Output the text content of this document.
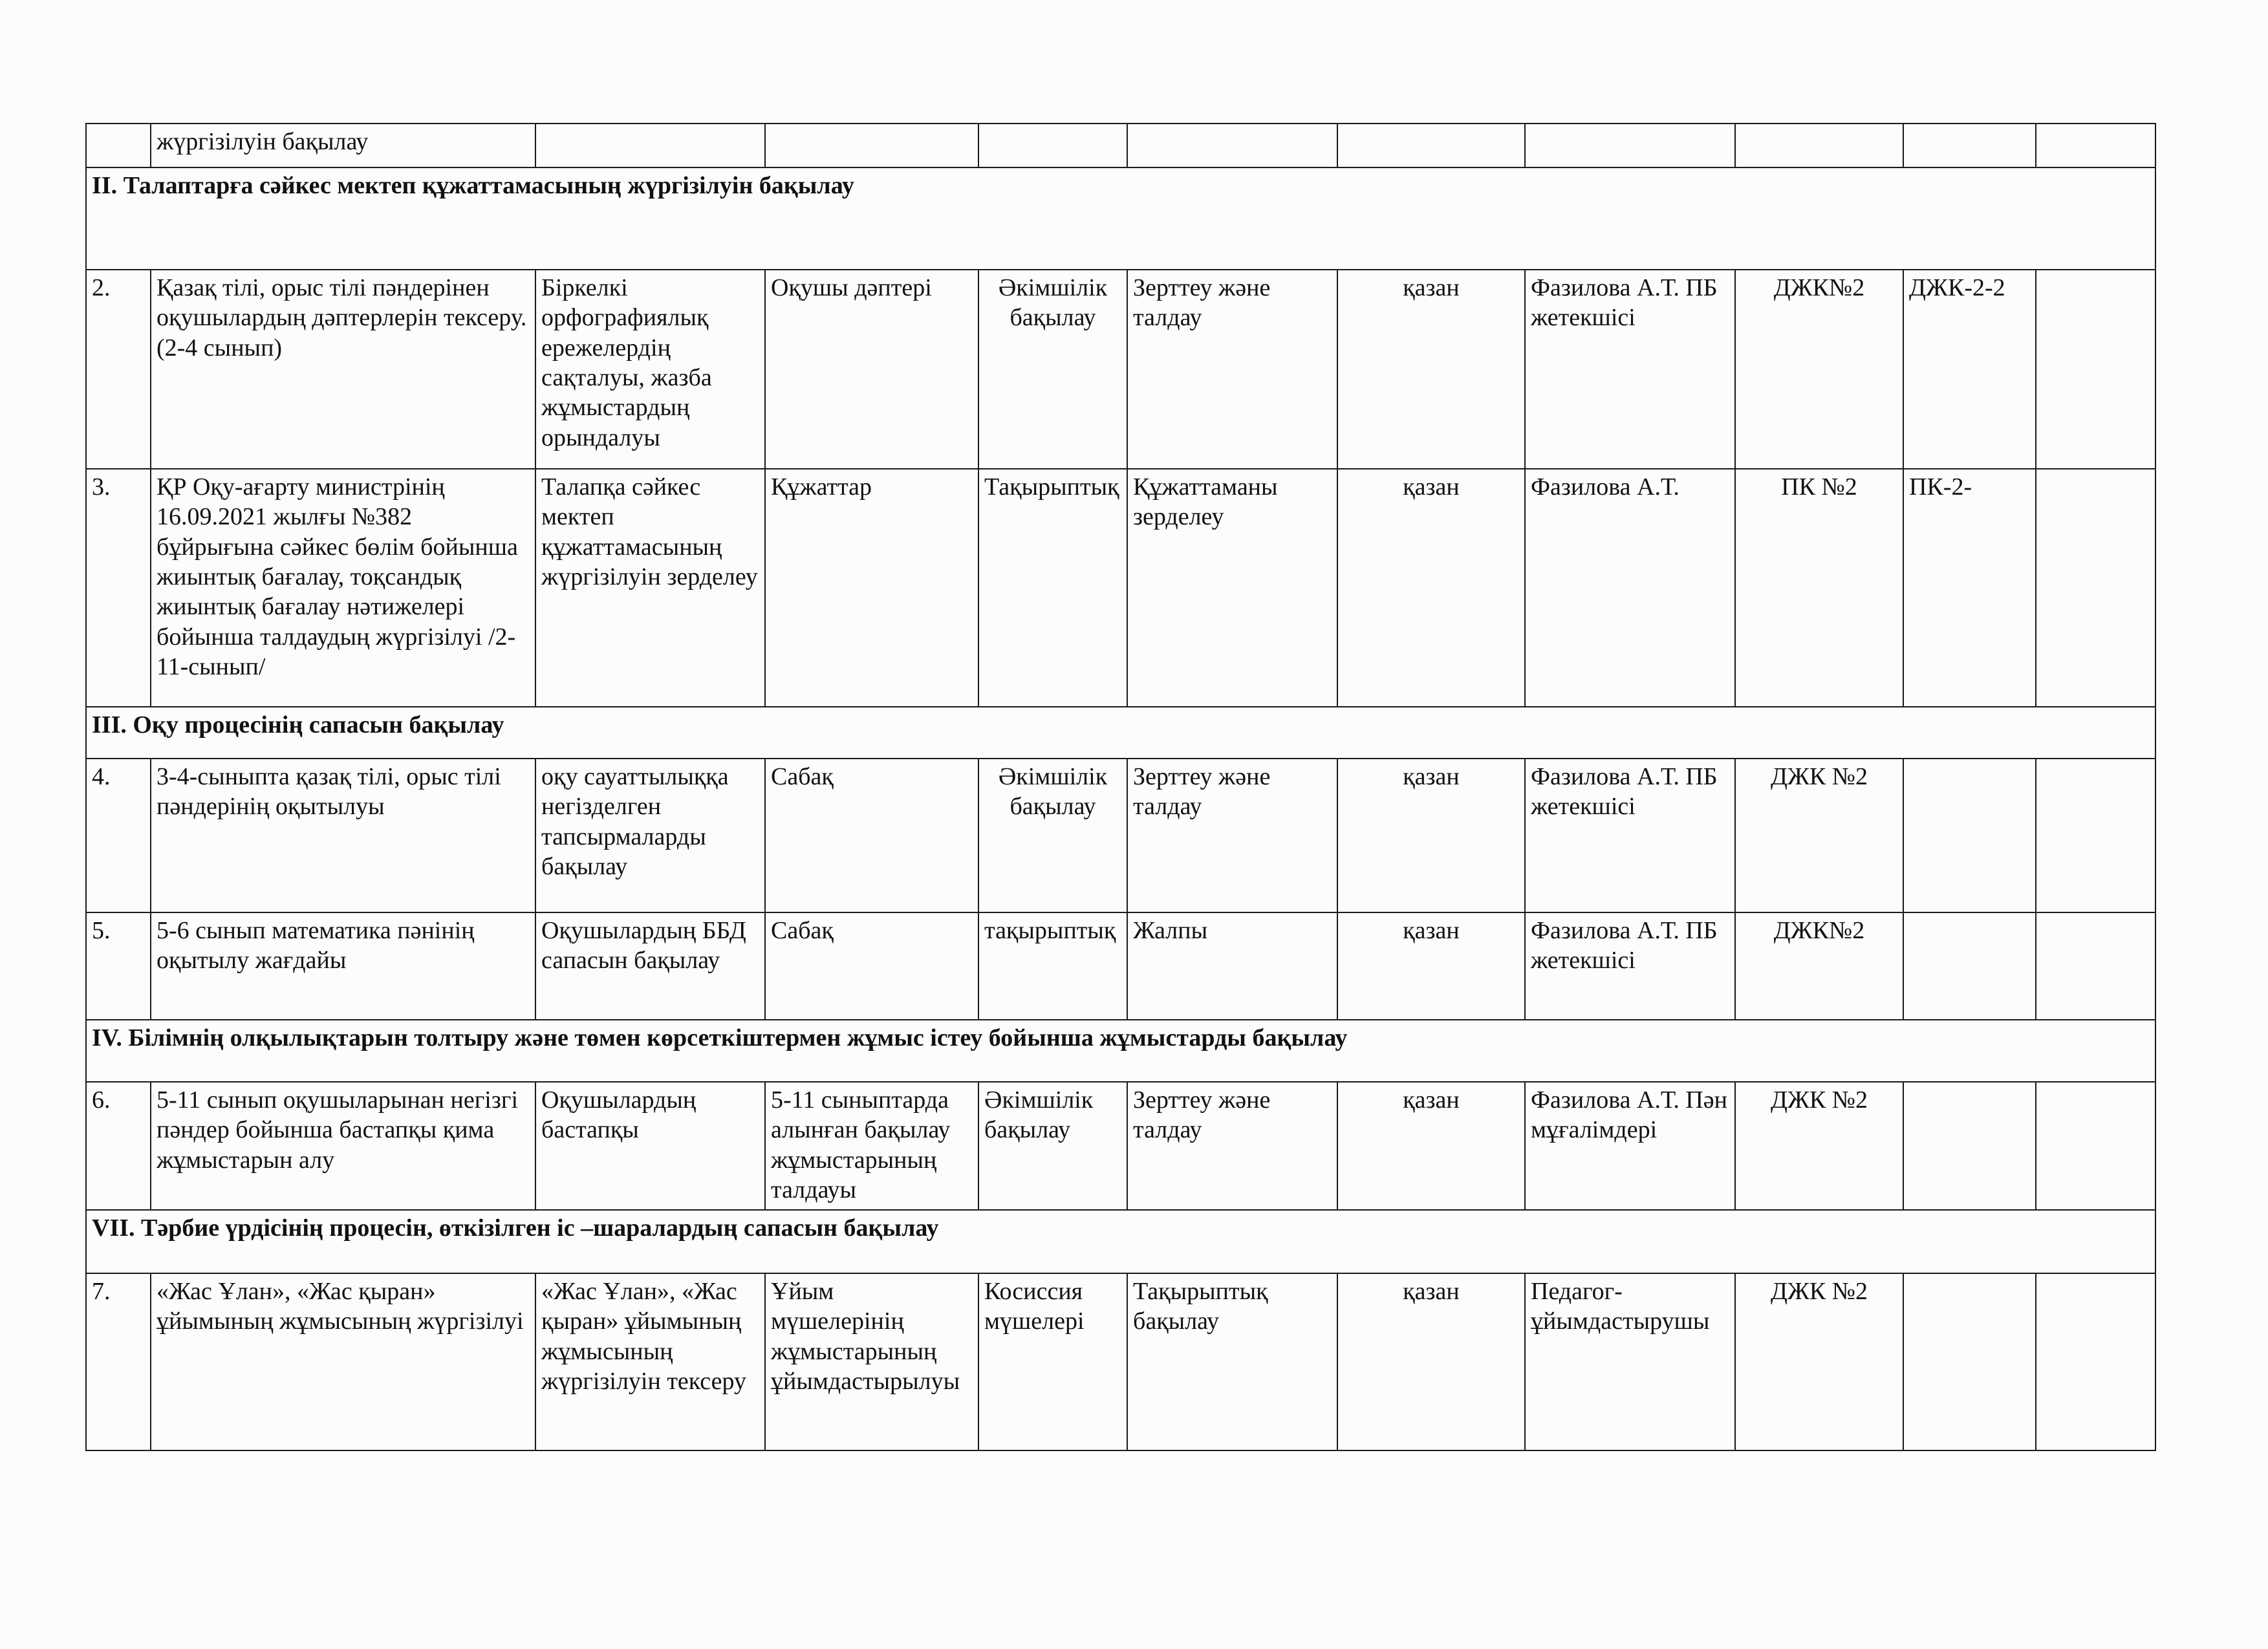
	жүргізілуін бақылау									
II. Талаптарға сәйкес мектеп құжаттамасының жүргізілуін бақылау										
2.	Қазақ тілі, орыс тілі пәндерінен оқушылардың дәптерлерін тексеру. (2-4 сынып)	Біркелкі орфографиялық ережелердің сақталуы, жазба жұмыстардың орындалуы	Оқушы дәптері	Әкімшілік бақылау	Зерттеу және талдау	қазан	Фазилова А.Т. ПБ жетекшісі	ДЖК№2	ДЖК-2-2	
3.	ҚР Оқу-ағарту министрінің 16.09.2021 жылғы №382 бұйрығына сәйкес бөлім бойынша жиынтық бағалау, тоқсандық жиынтық бағалау нәтижелері бойынша талдаудың жүргізілуі /2-11-сынып/	Талапқа сәйкес мектеп құжаттамасының жүргізілуін зерделеу	Құжаттар	Тақырыптық	Құжаттаманы зерделеу	қазан	Фазилова А.Т.	ПК №2	ПК-2-	
III. Оқу процесінің сапасын бақылау										
4.	3-4-сыныпта қазақ тілі, орыс тілі пәндерінің оқытылуы	оқу сауаттылыққа негізделген тапсырмаларды бақылау	Сабақ	Әкімшілік бақылау	Зерттеу және талдау	қазан	Фазилова А.Т. ПБ жетекшісі	ДЖК №2		
5.	5-6 сынып математика пәнінің оқытылу жағдайы	Оқушылардың ББД сапасын бақылау	Сабақ	тақырыптық	Жалпы	қазан	Фазилова А.Т. ПБ жетекшісі	ДЖК№2		
IV. Білімнің олқылықтарын толтыру және төмен көрсеткіштермен жұмыс істеу бойынша жұмыстарды бақылау										
6.	5-11 сынып оқушыларынан негізгі пәндер бойынша бастапқы қима жұмыстарын алу	Оқушылардың бастапқы	5-11 сыныптарда алынған бақылау жұмыстарының талдауы	Әкімшілік бақылау	Зерттеу және талдау	қазан	Фазилова А.Т. Пән мұғалімдері	ДЖК №2		
VII. Тәрбие үрдісінің процесін, өткізілген іс –шаралардың сапасын бақылау										
7.	«Жас Ұлан», «Жас қыран» ұйымының жұмысының жүргізілуі	«Жас Ұлан», «Жас қыран» ұйымының жұмысының жүргізілуін тексеру	Ұйым мүшелерінің жұмыстарының ұйымдастырылуы	Косиссия мүшелері	Тақырыптық бақылау	қазан	Педагог-ұйымдастырушы	ДЖК №2		
